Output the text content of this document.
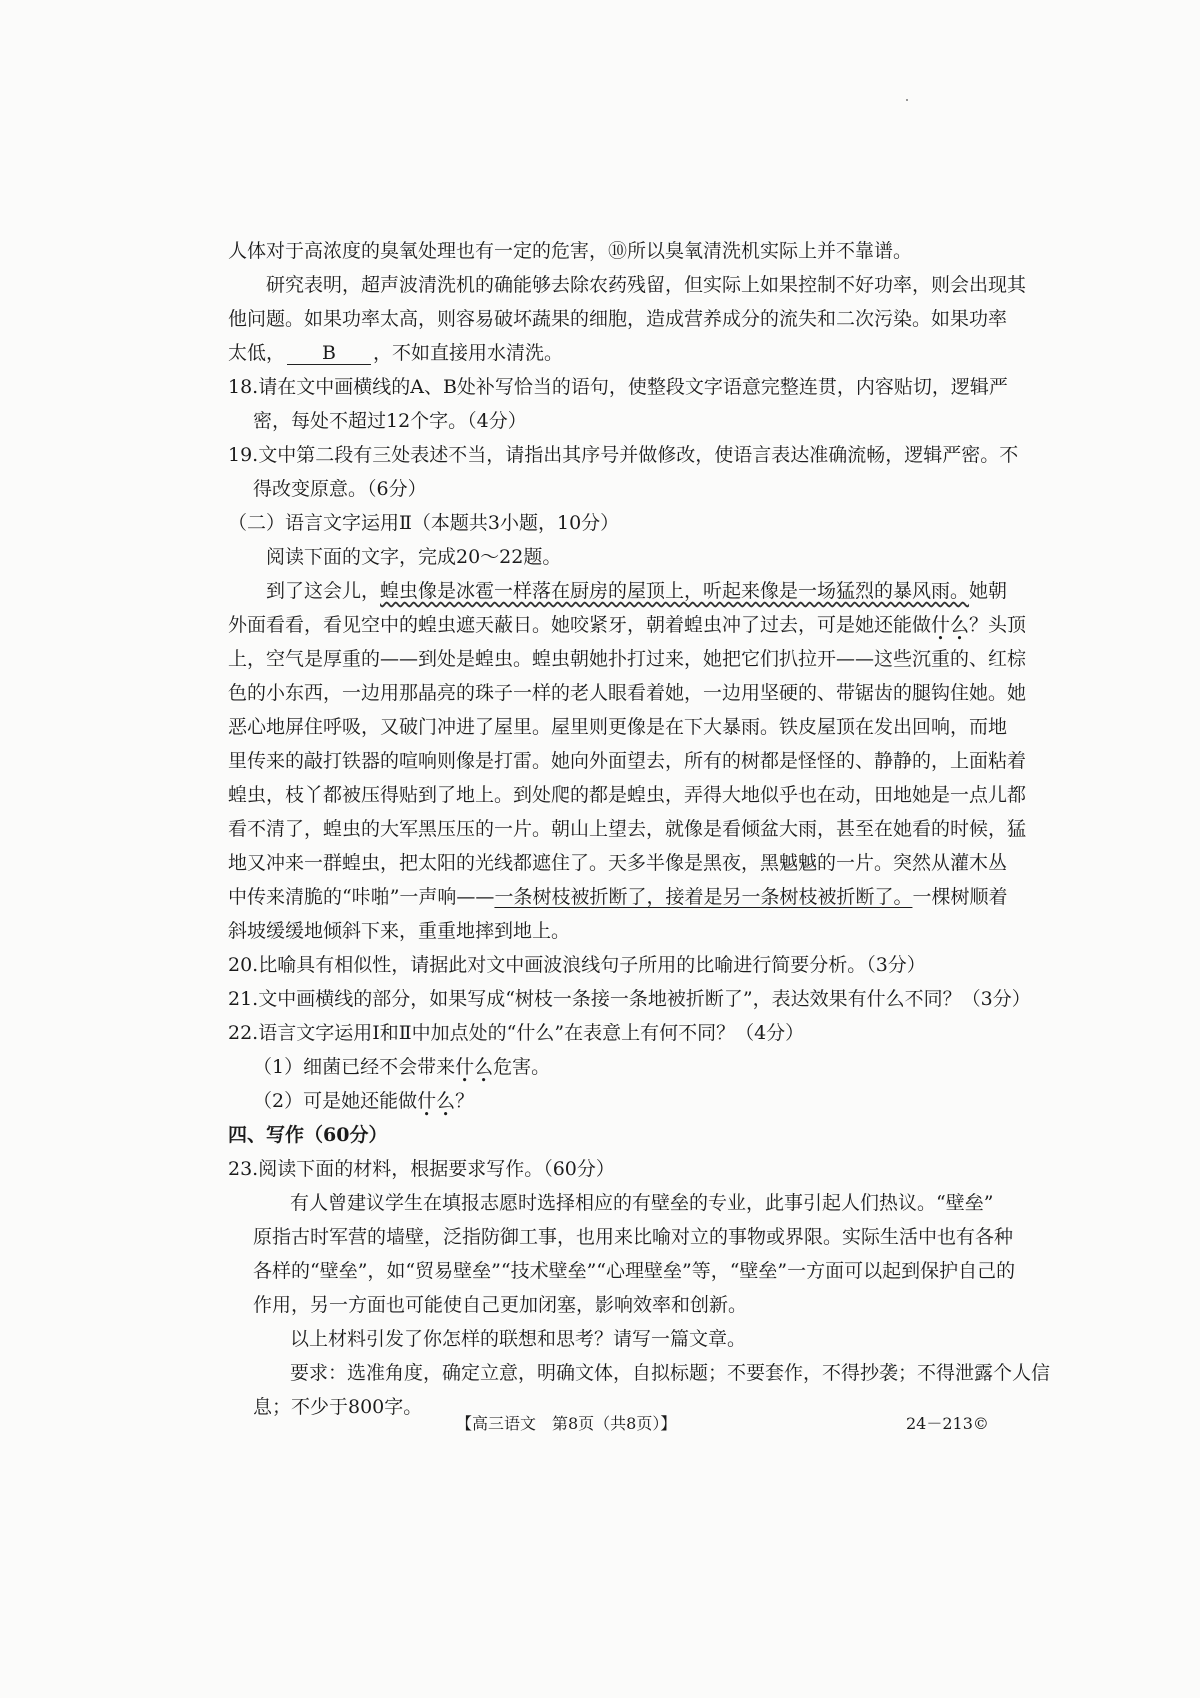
人体对于高浓度的臭氧处理也有一定的危害，⑩所以臭氧清洗机实际上并不靠谱。
研究表明，超声波清洗机的确能够去除农药残留，但实际上如果控制不好功率，则会出现其
他问题。如果功率太高，则容易破坏蔬果的细胞，造成营养成分的流失和二次污染。如果功率
太低， B ，不如直接用水清洗。
18.请在文中画横线的A、B处补写恰当的语句，使整段文字语意完整连贯，内容贴切，逻辑严
密，每处不超过12个字。（4分）
19.文中第二段有三处表述不当，请指出其序号并做修改，使语言表达准确流畅，逻辑严密。不
得改变原意。（6分）
（二）语言文字运用Ⅱ（本题共3小题，10分）
阅读下面的文字，完成20～22题。
到了这会儿，蝗虫像是冰雹一样落在厨房的屋顶上，听起来像是一场猛烈的暴风雨。她朝
外面看看，看见空中的蝗虫遮天蔽日。她咬紧牙，朝着蝗虫冲了过去，可是她还能做什么？头顶
上，空气是厚重的——到处是蝗虫。蝗虫朝她扑打过来，她把它们扒拉开——这些沉重的、红棕
色的小东西，一边用那晶亮的珠子一样的老人眼看着她，一边用坚硬的、带锯齿的腿钩住她。她
恶心地屏住呼吸，又破门冲进了屋里。屋里则更像是在下大暴雨。铁皮屋顶在发出回响，而地
里传来的敲打铁器的喧响则像是打雷。她向外面望去，所有的树都是怪怪的、静静的，上面粘着
蝗虫，枝丫都被压得贴到了地上。到处爬的都是蝗虫，弄得大地似乎也在动，田地她是一点儿都
看不清了，蝗虫的大军黑压压的一片。朝山上望去，就像是看倾盆大雨，甚至在她看的时候，猛
地又冲来一群蝗虫，把太阳的光线都遮住了。天多半像是黑夜，黑魆魆的一片。突然从灌木丛
中传来清脆的“咔啪”一声响——一条树枝被折断了，接着是另一条树枝被折断了。一棵树顺着
斜坡缓缓地倾斜下来，重重地摔到地上。
20.比喻具有相似性，请据此对文中画波浪线句子所用的比喻进行简要分析。（3分）
21.文中画横线的部分，如果写成“树枝一条接一条地被折断了”，表达效果有什么不同？（3分）
22.语言文字运用Ⅰ和Ⅱ中加点处的“什么”在表意上有何不同？（4分）
（1）细菌已经不会带来什么危害。
（2）可是她还能做什么？
四、写作（60分）
23.阅读下面的材料，根据要求写作。（60分）
有人曾建议学生在填报志愿时选择相应的有壁垒的专业，此事引起人们热议。“壁垒”
原指古时军营的墙壁，泛指防御工事，也用来比喻对立的事物或界限。实际生活中也有各种
各样的“壁垒”，如“贸易壁垒”“技术壁垒”“心理壁垒”等，“壁垒”一方面可以起到保护自己的
作用，另一方面也可能使自己更加闭塞，影响效率和创新。
以上材料引发了你怎样的联想和思考？请写一篇文章。
要求：选准角度，确定立意，明确文体，自拟标题；不要套作，不得抄袭；不得泄露个人信
息；不少于800字。
【高三语文　第8页（共8页）】	24－213©
